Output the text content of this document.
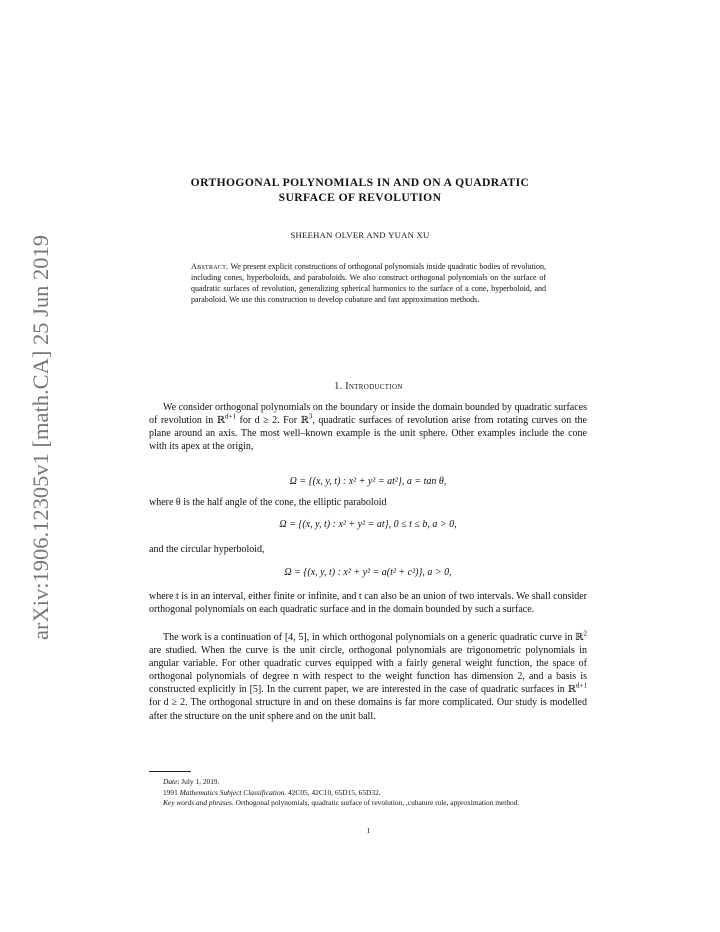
arXiv:1906.12305v1 [math.CA] 25 Jun 2019
ORTHOGONAL POLYNOMIALS IN AND ON A QUADRATIC
SURFACE OF REVOLUTION
SHEEHAN OLVER AND YUAN XU
Abstract. We present explicit constructions of orthogonal polynomials inside quadratic bodies of revolution, including cones, hyperboloids, and paraboloids. We also construct orthogonal polynomials on the surface of quadratic surfaces of revolution, generalizing spherical harmonics to the surface of a cone, hyperboloid, and paraboloid. We use this construction to develop cubature and fast approximation methods.
1. Introduction

We consider orthogonal polynomials on the boundary or inside the domain bounded by quadratic surfaces of revolution in ℝ$^{d+1}$ for d ≥ 2. For ℝ$^3$, quadratic surfaces of revolution arise from rotating curves on the plane around an axis. The most well–known example is the unit sphere. Other examples include the cone with its apex at the origin,

Ω = {(x, y, t) : x² + y² = at²}, a = tan θ,

where θ is the half angle of the cone, the elliptic paraboloid

Ω = {(x, y, t) : x² + y² = at}, 0 ≤ t ≤ b, a > 0,

and the circular hyperboloid,

Ω = {(x, y, t) : x² + y² = a(t² + c²)}, a > 0,

where t is in an interval, either finite or infinite, and t can also be an union of two intervals. We shall consider orthogonal polynomials on each quadratic surface and in the domain bounded by such a surface.

The work is a continuation of [4, 5], in which orthogonal polynomials on a generic quadratic curve in ℝ$^2$ are studied. When the curve is the unit circle, orthogonal polynomials are trigonometric polynomials in angular variable. For other quadratic curves equipped with a fairly general weight function, the space of orthogonal polynomials of degree n with respect to the weight function has dimension 2, and a basis is constructed explicitly in [5]. In the current paper, we are interested in the case of quadratic surfaces in ℝ$^{d+1}$ for d ≥ 2. The orthogonal structure in and on these domains is far more complicated. Our study is modelled after the structure on the unit sphere and on the unit ball.

Date: July 1, 2019.
1991 Mathematics Subject Classification. 42C05, 42C10, 65D15, 65D32.
Key words and phrases. Orthogonal polynomials, quadratic surface of revolution, ,cubature rule, approximation method.
1
